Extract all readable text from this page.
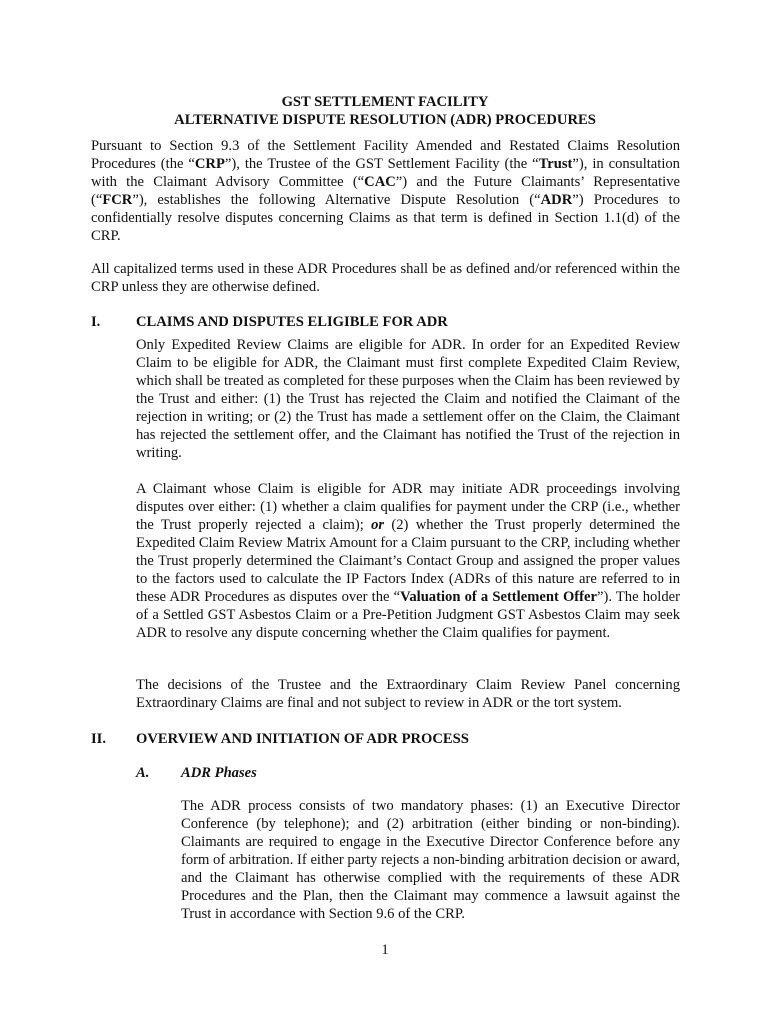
GST SETTLEMENT FACILITY
ALTERNATIVE DISPUTE RESOLUTION (ADR) PROCEDURES

Pursuant to Section 9.3 of the Settlement Facility Amended and Restated Claims Resolution Procedures (the “CRP”), the Trustee of the GST Settlement Facility (the “Trust”), in consultation with the Claimant Advisory Committee (“CAC”) and the Future Claimants’ Representative (“FCR”), establishes the following Alternative Dispute Resolution (“ADR”) Procedures to confidentially resolve disputes concerning Claims as that term is defined in Section 1.1(d) of the CRP.

All capitalized terms used in these ADR Procedures shall be as defined and/or referenced within the CRP unless they are otherwise defined.

I. CLAIMS AND DISPUTES ELIGIBLE FOR ADR

Only Expedited Review Claims are eligible for ADR. In order for an Expedited Review Claim to be eligible for ADR, the Claimant must first complete Expedited Claim Review, which shall be treated as completed for these purposes when the Claim has been reviewed by the Trust and either: (1) the Trust has rejected the Claim and notified the Claimant of the rejection in writing; or (2) the Trust has made a settlement offer on the Claim, the Claimant has rejected the settlement offer, and the Claimant has notified the Trust of the rejection in writing.

A Claimant whose Claim is eligible for ADR may initiate ADR proceedings involving disputes over either: (1) whether a claim qualifies for payment under the CRP (i.e., whether the Trust properly rejected a claim); or (2) whether the Trust properly determined the Expedited Claim Review Matrix Amount for a Claim pursuant to the CRP, including whether the Trust properly determined the Claimant’s Contact Group and assigned the proper values to the factors used to calculate the IP Factors Index (ADRs of this nature are referred to in these ADR Procedures as disputes over the “Valuation of a Settlement Offer”). The holder of a Settled GST Asbestos Claim or a Pre-Petition Judgment GST Asbestos Claim may seek ADR to resolve any dispute concerning whether the Claim qualifies for payment.

The decisions of the Trustee and the Extraordinary Claim Review Panel concerning Extraordinary Claims are final and not subject to review in ADR or the tort system.

II. OVERVIEW AND INITIATION OF ADR PROCESS
A. ADR Phases

The ADR process consists of two mandatory phases: (1) an Executive Director Conference (by telephone); and (2) arbitration (either binding or non-binding). Claimants are required to engage in the Executive Director Conference before any form of arbitration. If either party rejects a non-binding arbitration decision or award, and the Claimant has otherwise complied with the requirements of these ADR Procedures and the Plan, then the Claimant may commence a lawsuit against the Trust in accordance with Section 9.6 of the CRP.

1
